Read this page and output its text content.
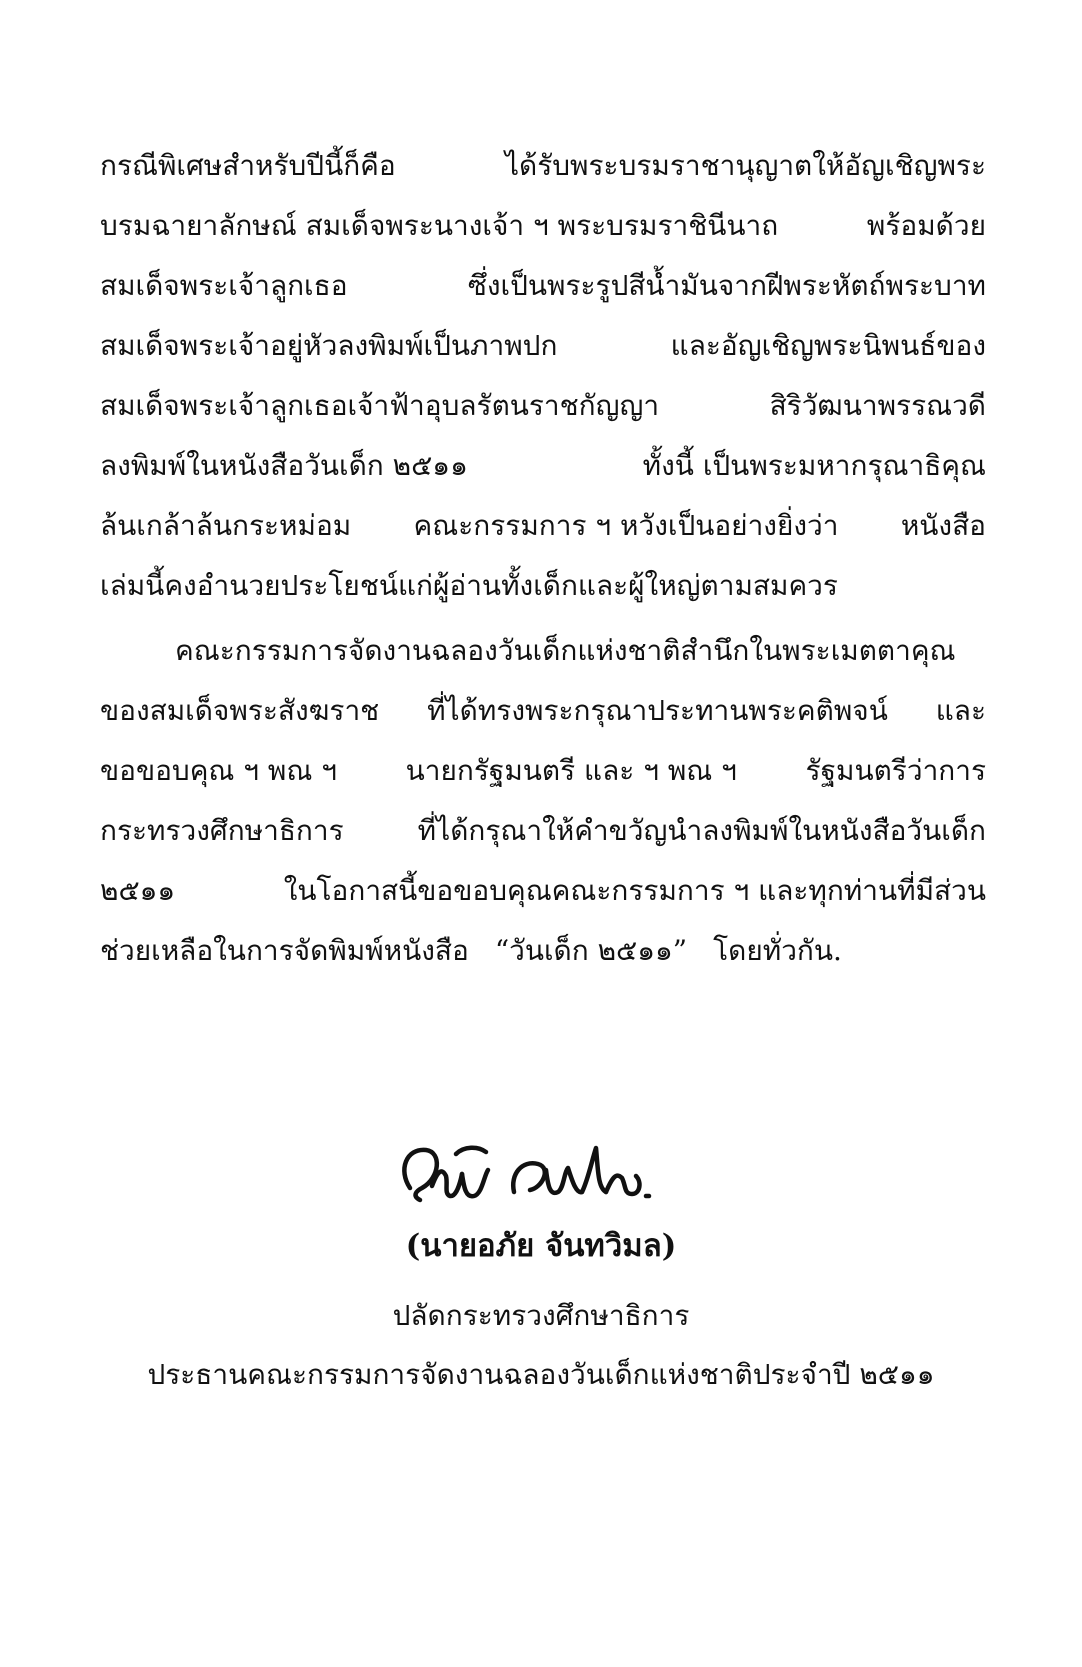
กรณีพิเศษสำหรับปีนี้ก็คือ	ได้รับพระบรมราชานุญาตให้อัญเชิญพระ
บรมฉายาลักษณ์ สมเด็จพระนางเจ้า ฯ พระบรมราชินีนาถ	พร้อมด้วย
สมเด็จพระเจ้าลูกเธอ	ซึ่งเป็นพระรูปสีน้ำมันจากฝีพระหัตถ์พระบาท
สมเด็จพระเจ้าอยู่หัวลงพิมพ์เป็นภาพปก	และอัญเชิญพระนิพนธ์ของ
สมเด็จพระเจ้าลูกเธอเจ้าฟ้าอุบลรัตนราชกัญญา	สิริวัฒนาพรรณวดี
ลงพิมพ์ในหนังสือวันเด็ก ๒๕๑๑	ทั้งนี้ เป็นพระมหากรุณาธิคุณ
ล้นเกล้าล้นกระหม่อม คณะกรรมการ ฯ หวังเป็นอย่างยิ่งว่า หนังสือ
เล่มนี้คงอำนวยประโยชน์แก่ผู้อ่านทั้งเด็กและผู้ใหญ่ตามสมควร
คณะกรรมการจัดงานฉลองวันเด็กแห่งชาติสำนึกในพระเมตตาคุณ
ของสมเด็จพระสังฆราช ที่ได้ทรงพระกรุณาประทานพระคติพจน์ และ
ขอขอบคุณ ฯ พณ ฯ นายกรัฐมนตรี และ ฯ พณ ฯ รัฐมนตรีว่าการ
กระทรวงศึกษาธิการ	ที่ได้กรุณาให้คำขวัญนำลงพิมพ์ในหนังสือวันเด็ก
๒๕๑๑	ในโอกาสนี้ขอขอบคุณคณะกรรมการ ฯ และทุกท่านที่มีส่วน
ช่วยเหลือในการจัดพิมพ์หนังสือ “วันเด็ก ๒๕๑๑” โดยทั่วกัน.
(นายอภัย จันทวิมล)
ปลัดกระทรวงศึกษาธิการ
ประธานคณะกรรมการจัดงานฉลองวันเด็กแห่งชาติประจำปี ๒๕๑๑
